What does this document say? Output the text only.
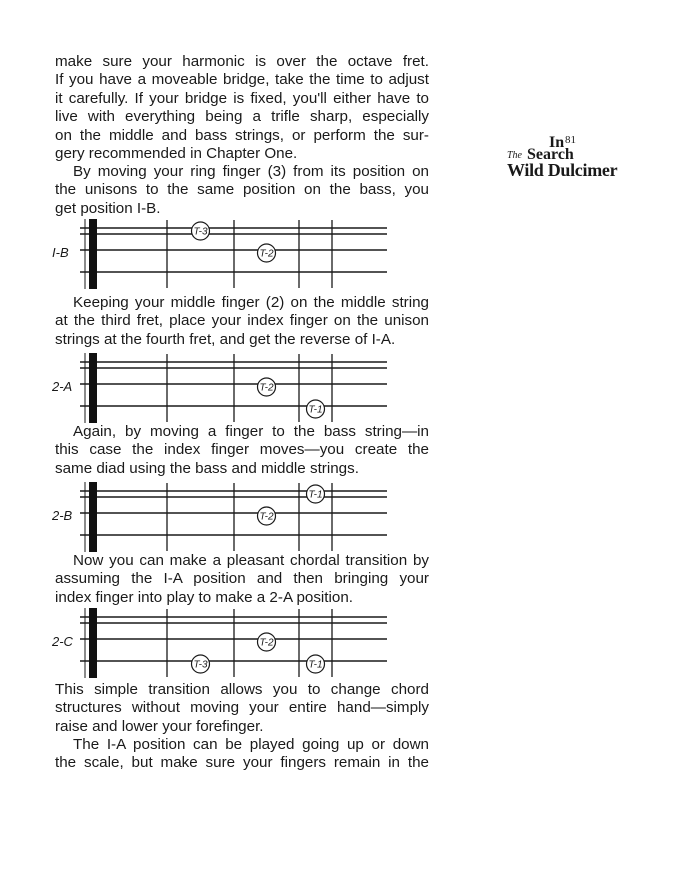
In 81
The Search
Wild Dulcimer

make sure your harmonic is over the octave fret.
If you have a moveable bridge, take the time to adjust
it carefully. If your bridge is fixed, you'll either have to
live with everything being a trifle sharp, especially
on the middle and bass strings, or perform the sur-
gery recommended in Chapter One.

By moving your ring finger (3) from its position on
the unisons to the same position on the bass, you
get position I-B.

I-B
T-3
T-2

Keeping your middle finger (2) on the middle string
at the third fret, place your index finger on the unison
strings at the fourth fret, and get the reverse of I-A.

2-A	T-2
T-1

Again, by moving a finger to the bass string—in
this case the index finger moves—you create the
same diad using the bass and middle strings.

2-B
T-1
T-2

Now you can make a pleasant chordal transition by
assuming the I-A position and then bringing your
index finger into play to make a 2-A position.

2-C	T-2
T-3	T-1

This simple transition allows you to change chord
structures without moving your entire hand—simply
raise and lower your forefinger.

The I-A position can be played going up or down
the scale, but make sure your fingers remain in the
